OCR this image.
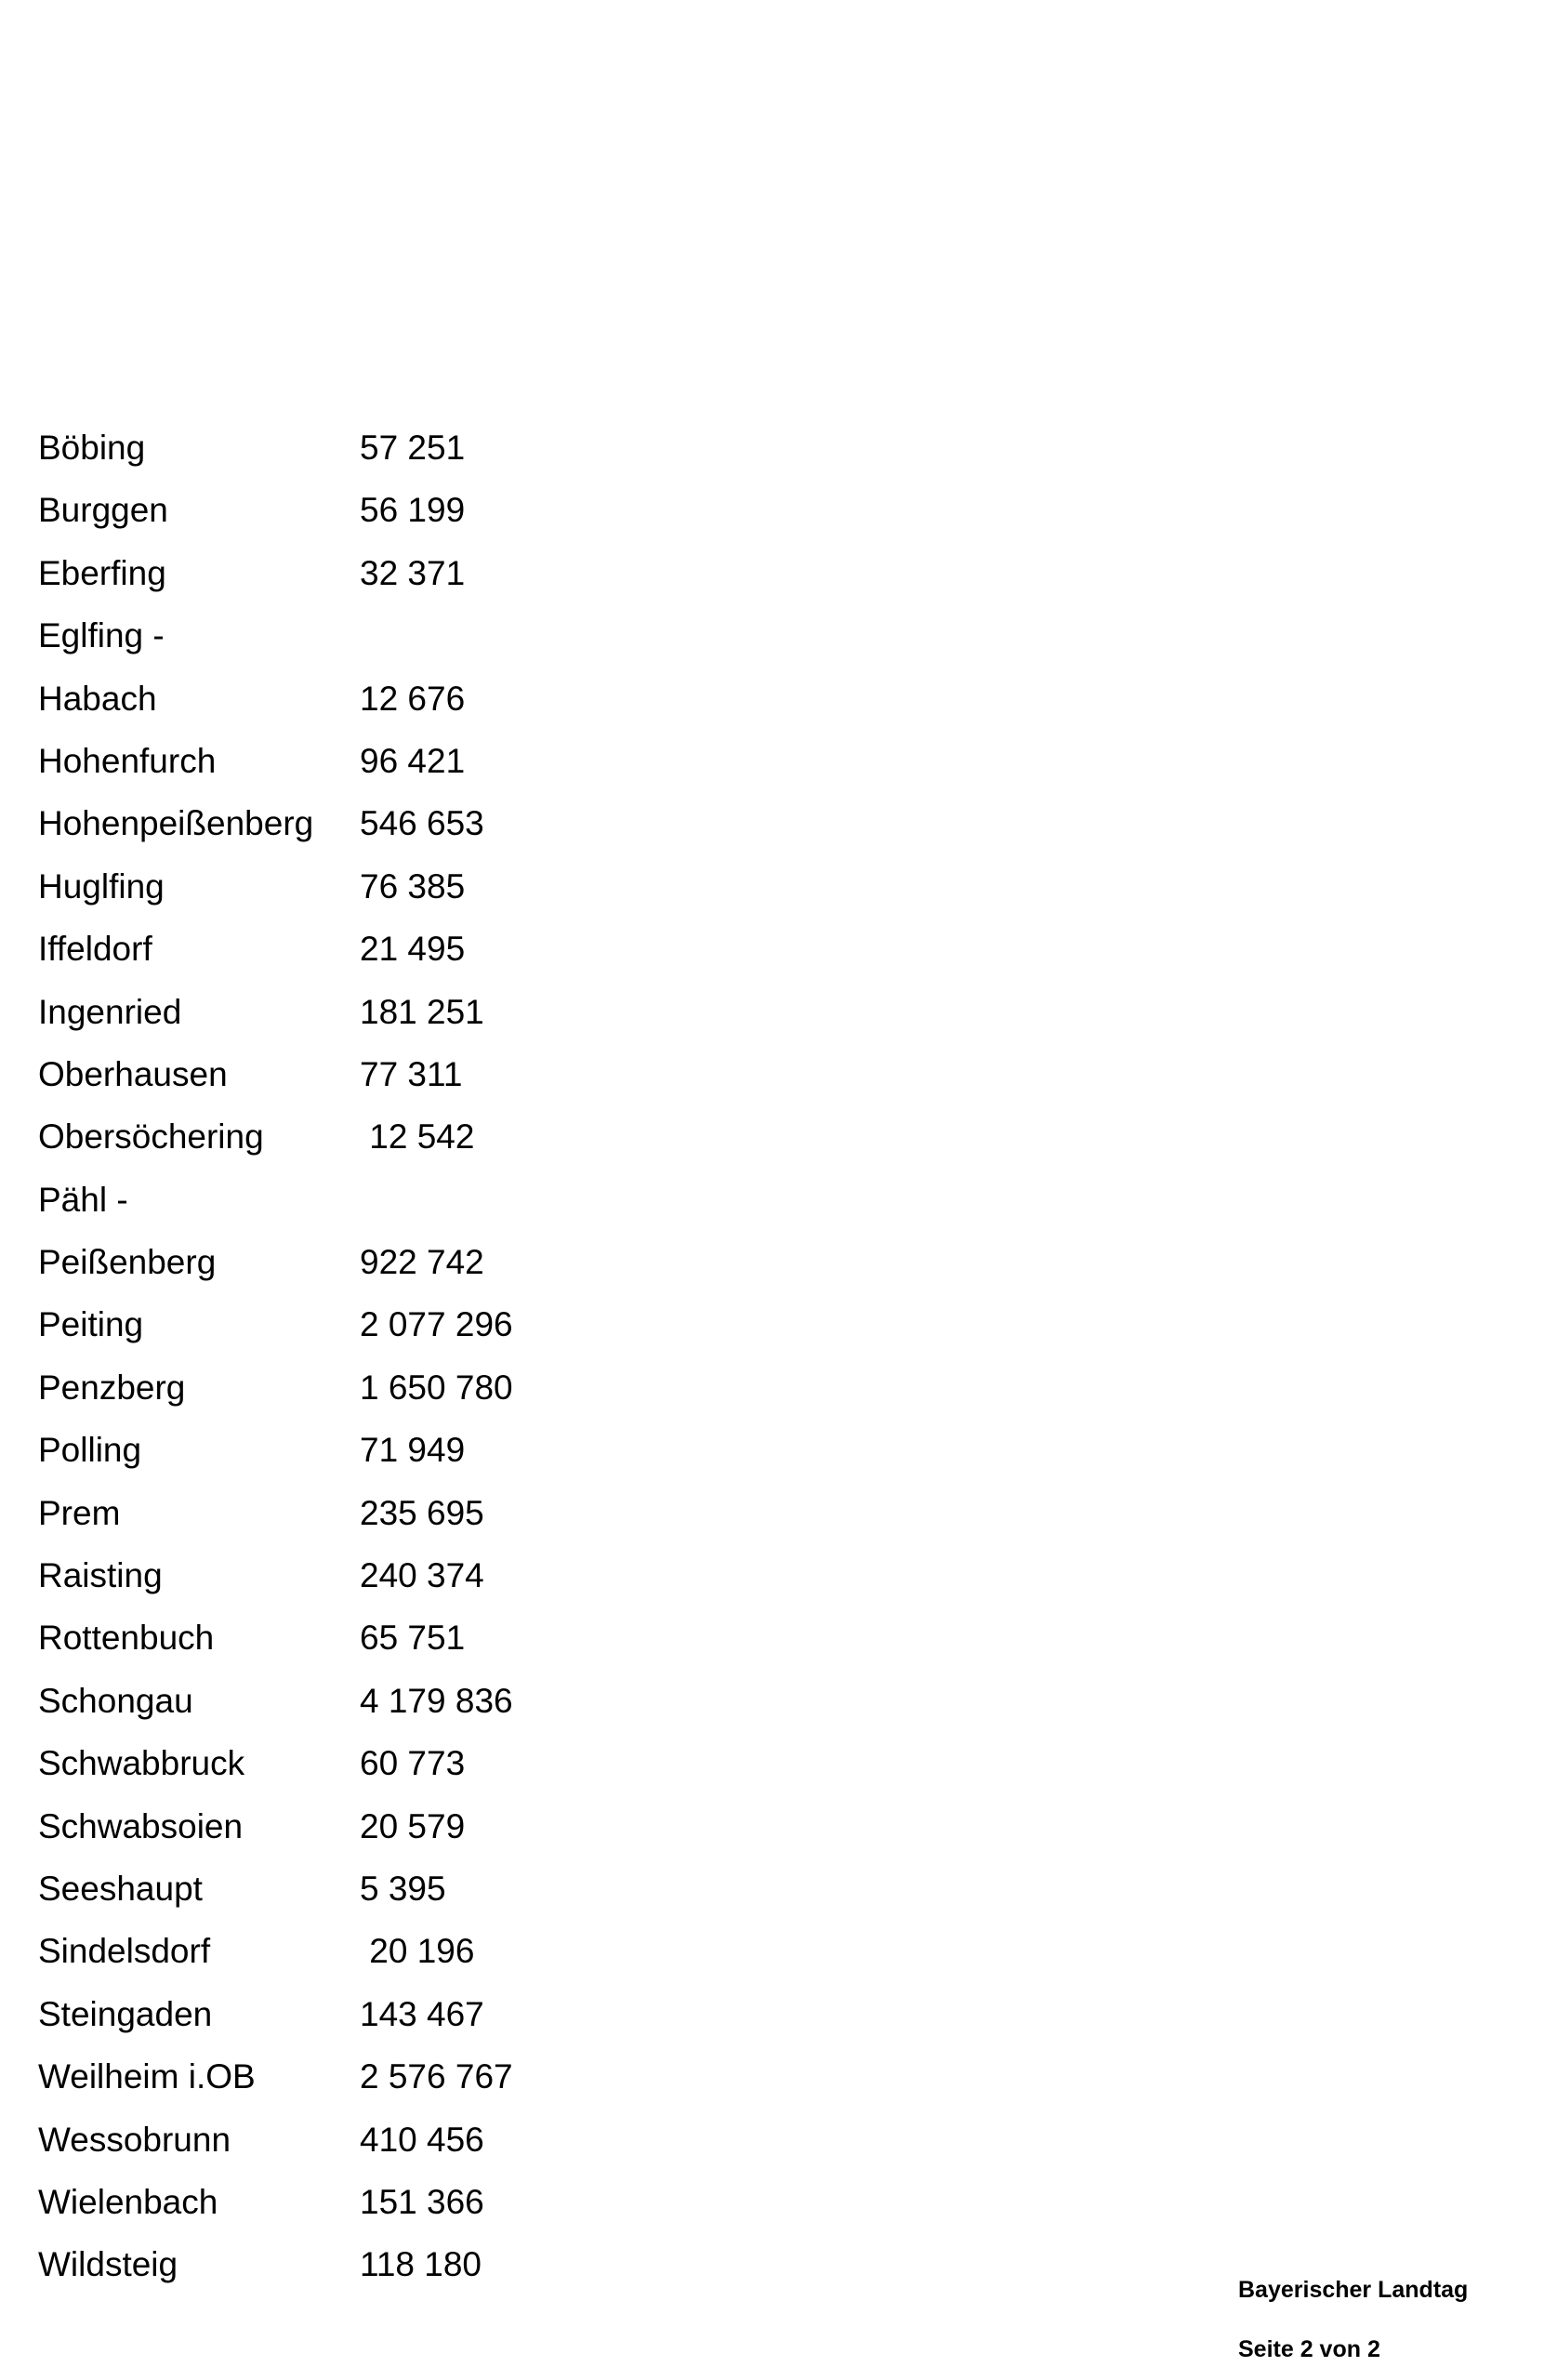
Böbing	57 251
Burggen	56 199
Eberfing	32 371
Eglfing -
Habach	12 676
Hohenfurch	96 421
Hohenpeißenberg	546 653
Huglfing	76 385
Iffeldorf	21 495
Ingenried	181 251
Oberhausen	77 311
Obersöchering	12 542
Pähl -
Peißenberg	922 742
Peiting	2 077 296
Penzberg	1 650 780
Polling	71 949
Prem	235 695
Raisting	240 374
Rottenbuch	65 751
Schongau	4 179 836
Schwabbruck	60 773
Schwabsoien	20 579
Seeshaupt	5 395
Sindelsdorf	20 196
Steingaden	143 467
Weilheim i.OB	2 576 767
Wessobrunn	410 456
Wielenbach	151 366
Wildsteig	118 180
Bayerischer Landtag
Seite 2 von 2
